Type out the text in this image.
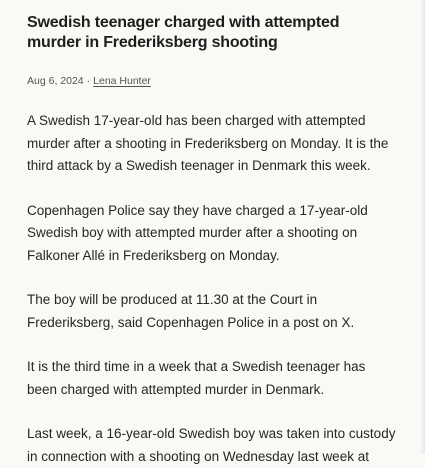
Swedish teenager charged with attempted murder in Frederiksberg shooting
Aug 6, 2024 · Lena Hunter

A Swedish 17-year-old has been charged with attempted murder after a shooting in Frederiksberg on Monday. It is the third attack by a Swedish teenager in Denmark this week.

Copenhagen Police say they have charged a 17-year-old Swedish boy with attempted murder after a shooting on Falkoner Allé in Frederiksberg on Monday.

The boy will be produced at 11.30 at the Court in Frederiksberg, said Copenhagen Police in a post on X.

It is the third time in a week that a Swedish teenager has been charged with attempted murder in Denmark.

Last week, a 16-year-old Swedish boy was taken into custody in connection with a shooting on Wednesday last week at
